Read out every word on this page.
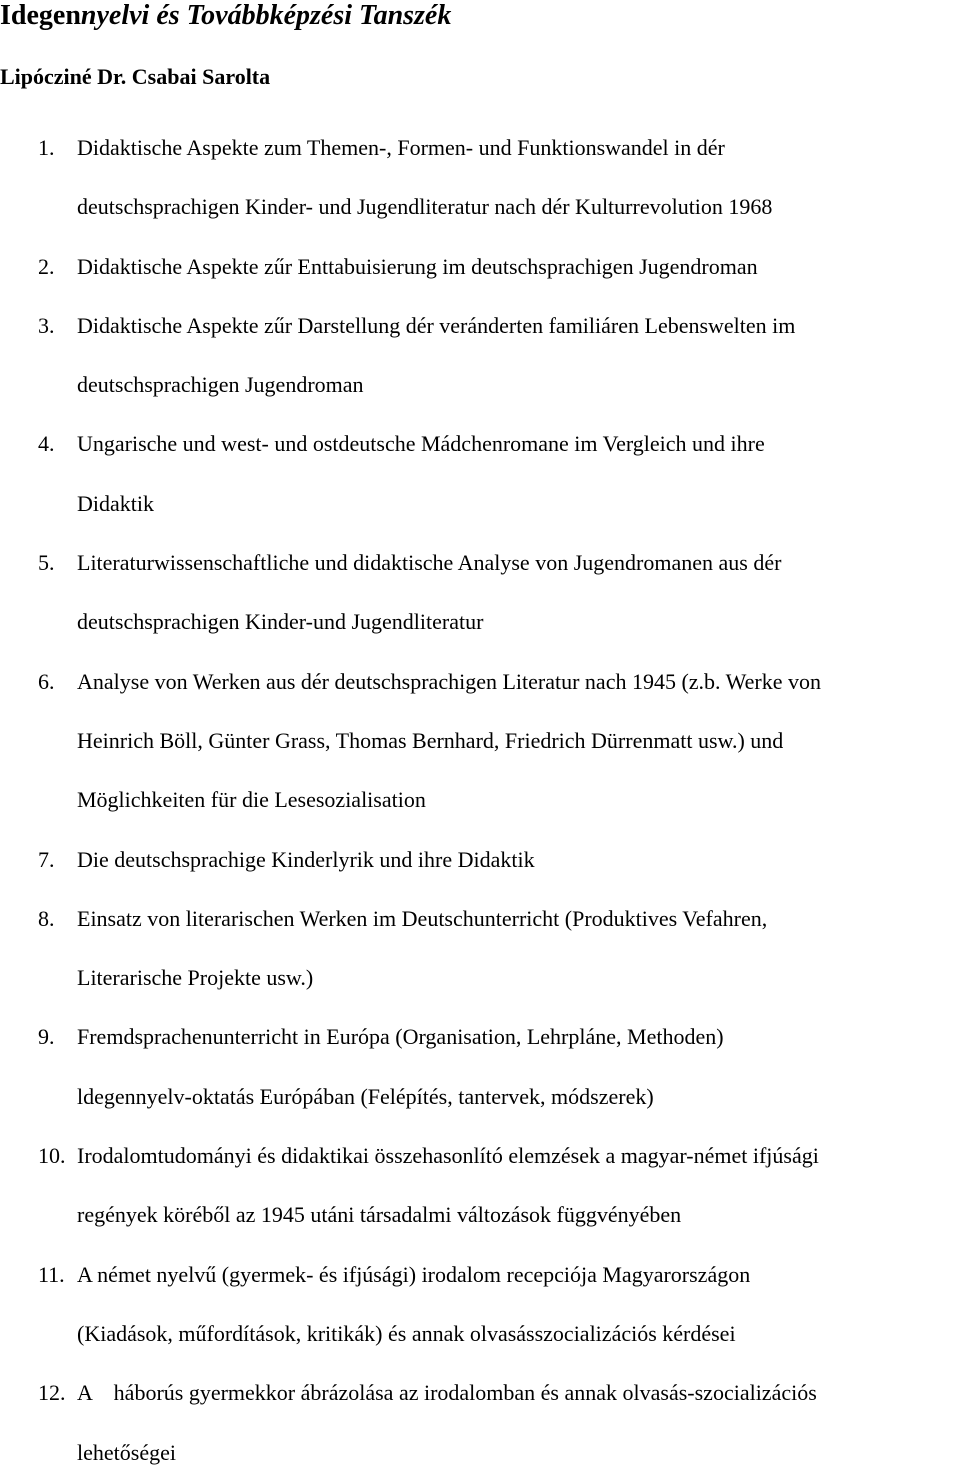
Idegennyelvi és Továbbképzési Tanszék

Lipócziné Dr. Csabai Sarolta

1. Didaktische Aspekte zum Themen-, Formen- und Funktionswandel in dér
deutschsprachigen Kinder- und Jugendliteratur nach dér Kulturrevolution 1968
2. Didaktische Aspekte zűr Enttabuisierung im deutschsprachigen Jugendroman
3. Didaktische Aspekte zűr Darstellung dér veránderten familiáren Lebenswelten im
deutschsprachigen Jugendroman
4. Ungarische und west- und ostdeutsche Mádchenromane im Vergleich und ihre
Didaktik
5. Literaturwissenschaftliche und didaktische Analyse von Jugendromanen aus dér
deutschsprachigen Kinder-und Jugendliteratur
6. Analyse von Werken aus dér deutschsprachigen Literatur nach 1945 (z.b. Werke von
Heinrich Böll, Günter Grass, Thomas Bernhard, Friedrich Dürrenmatt usw.) und
Möglichkeiten für die Lesesozialisation
7. Die deutschsprachige Kinderlyrik und ihre Didaktik
8. Einsatz von literarischen Werken im Deutschunterricht (Produktives Vefahren,
Literarische Projekte usw.)
9. Fremdsprachenunterricht in Európa (Organisation, Lehrpláne, Methoden)
ldegennyelv-oktatás Európában (Felépítés, tantervek, módszerek)
10. Irodalomtudományi és didaktikai összehasonlító elemzések a magyar-német ifjúsági
regények köréből az 1945 utáni társadalmi változások függvényében
11. A német nyelvű (gyermek- és ifjúsági) irodalom recepciója Magyarországon
(Kiadások, műfordítások, kritikák) és annak olvasásszocializációs kérdései
12. A    háborús gyermekkor ábrázolása az irodalomban és annak olvasás-szocializációs
lehetőségei
